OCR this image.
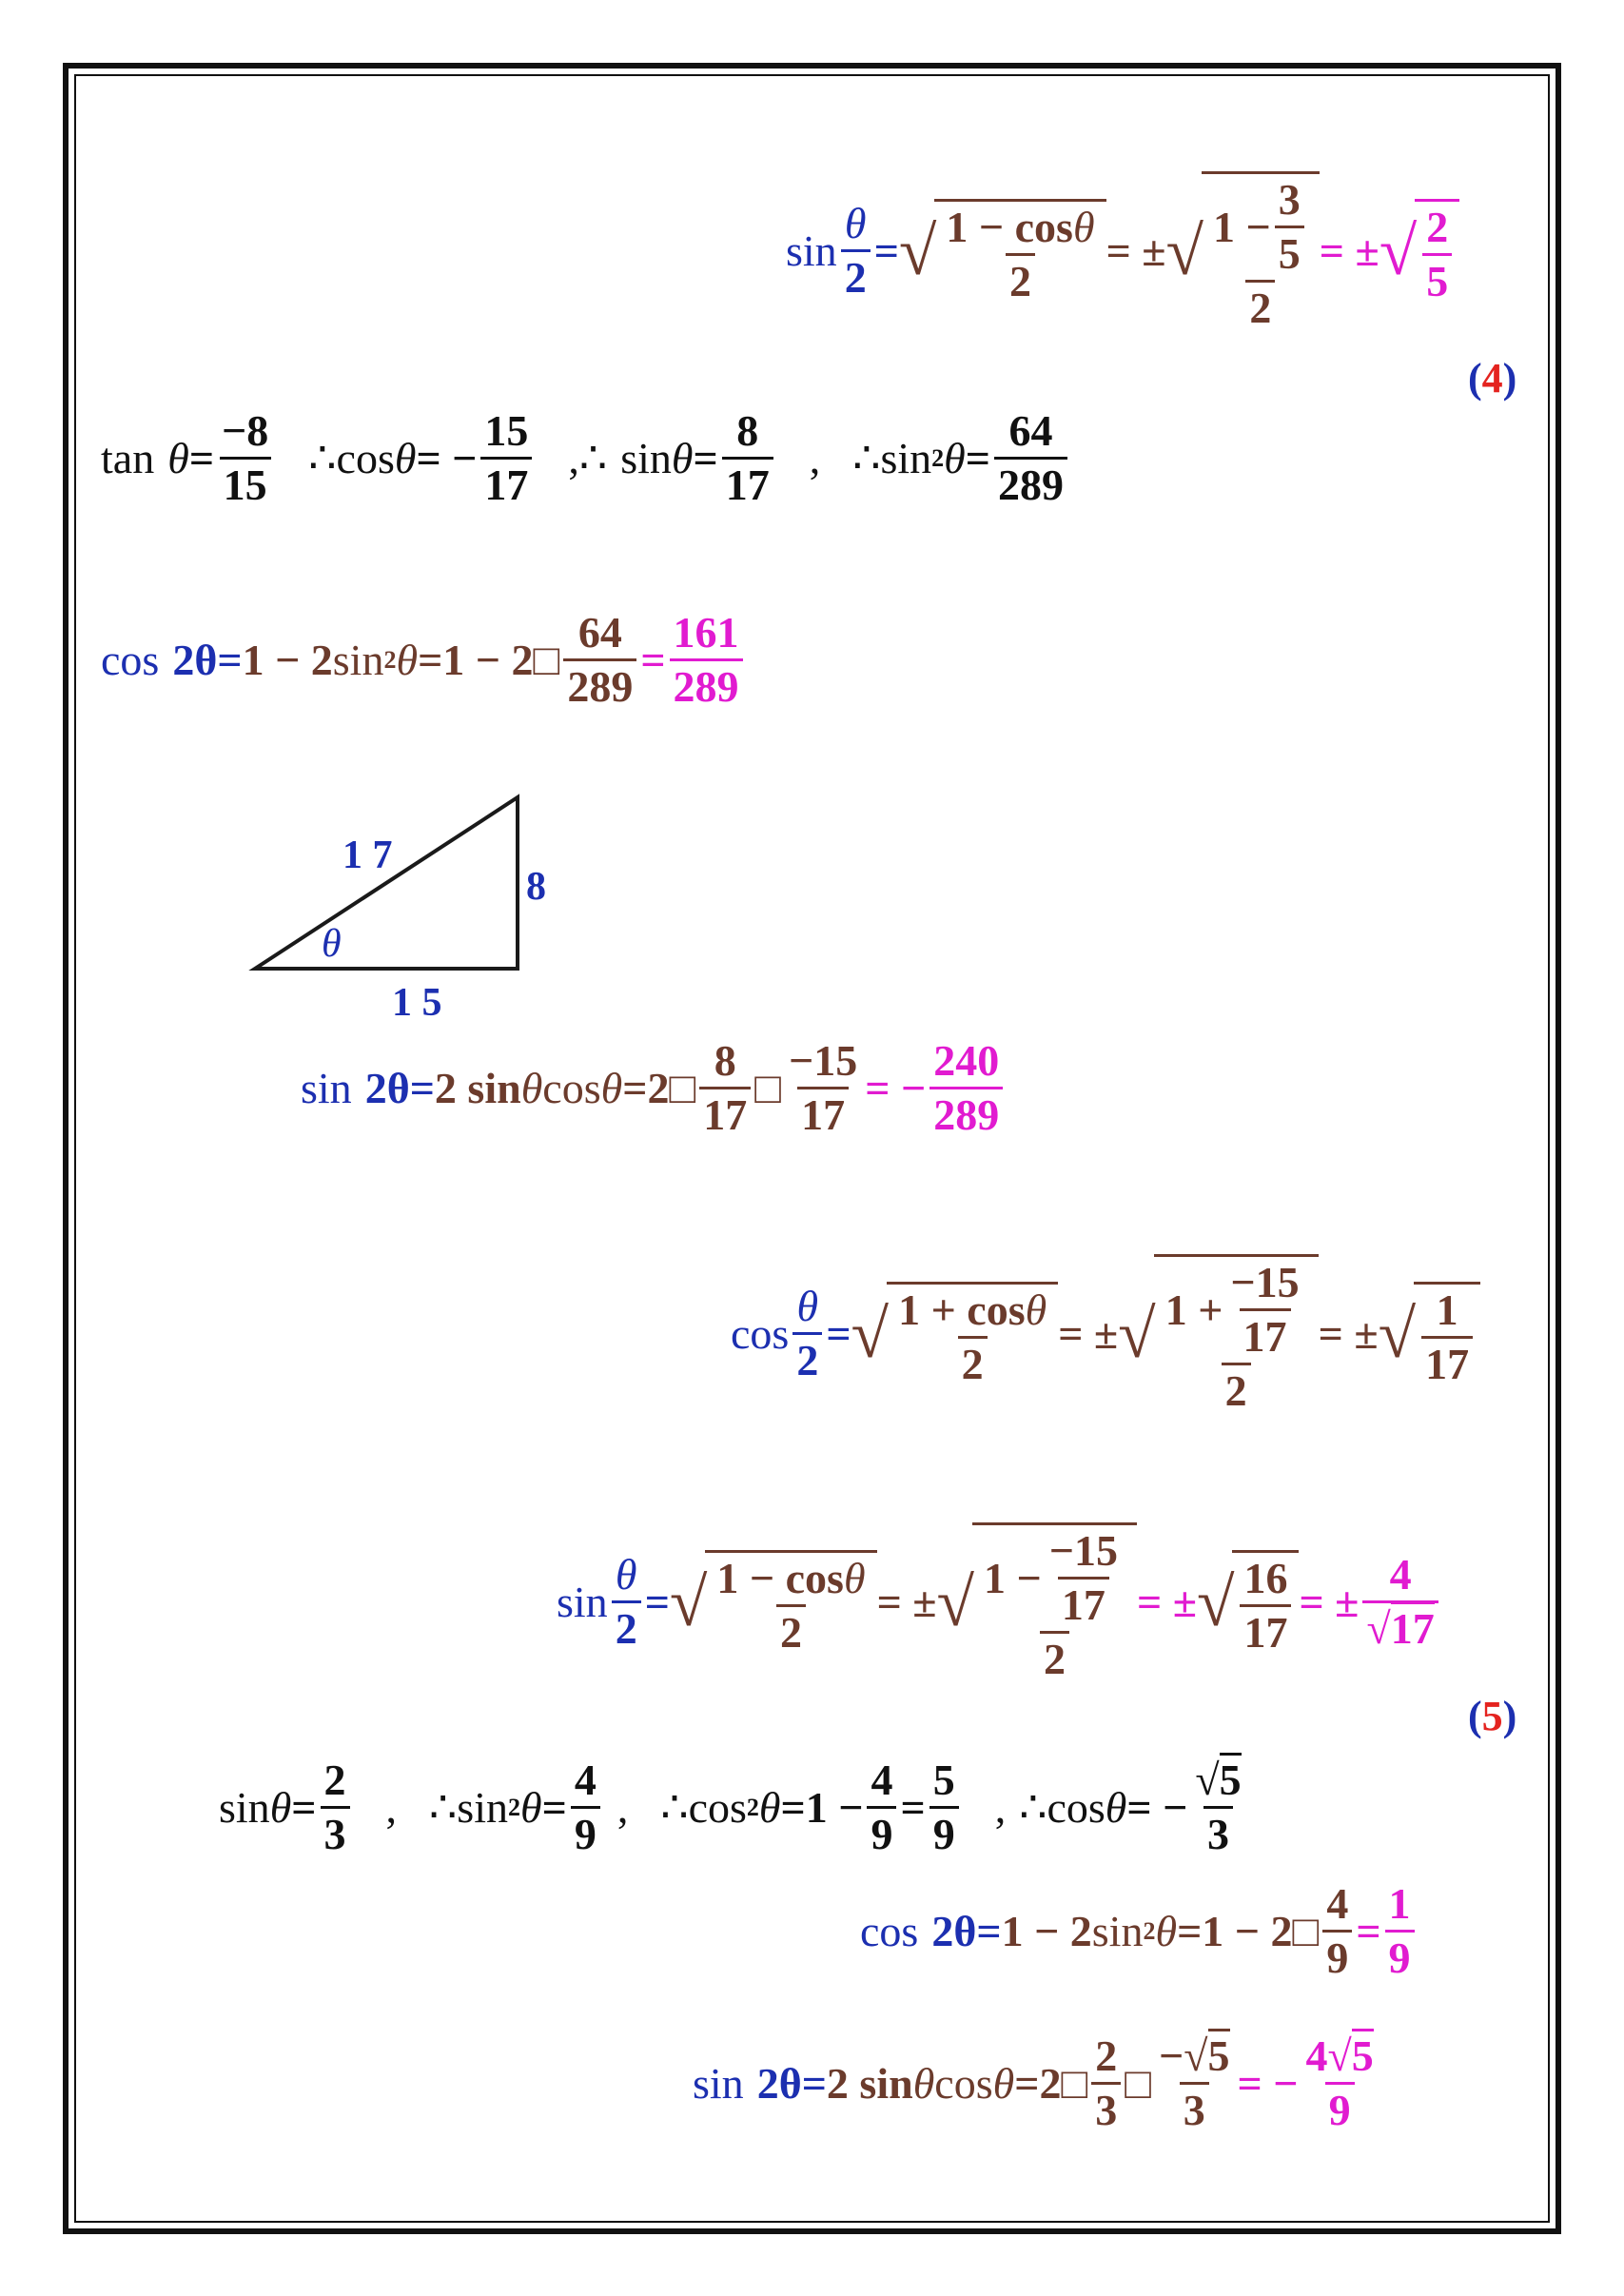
$\sin \frac{\theta}{2}$ = √ $\frac{1 - \cos\theta}{2}$ = ± √ $\frac{1 - \frac{3}{5}}{2}$ = ± √ $\frac{2}{5}$
(4)
$\tan \theta = \frac{-8}{15}$ ∴ cos θ = − $\frac{15}{17}$ , ∴ $\sin \theta = \frac{8}{17}$ , ∴ sin 2 $\theta = \frac{64}{289}$
cos 2θ = 1 − 2 sin 2 θ = 1 − 2 □ $\frac{64}{289} = \frac{161}{289}$
1 7
8
1 5
θ
sin 2θ = 2 sin θ cos θ = 2 □ $\frac{8}{17}$ □ $\frac{-15}{17}$ = − $\frac{240}{289}$
$\cos \frac{\theta}{2}$ = √ $\frac{1 + \cos\theta}{2}$ = ± √ $\frac{1 + \frac{-15}{17}}{2}$ = ± √ $\frac{1}{17}$
$\sin \frac{\theta}{2}$ = √ $\frac{1 - \cos\theta}{2}$ = ± √ $\frac{1 - \frac{-15}{17}}{2}$ = ± √ $\frac{16}{17}$ = ± $\frac{4}{√17}$
(5)
$\sin \theta = \frac{2}{3}$ , ∴ sin 2 $\theta = \frac{4}{9}$ , ∴ cos 2 $\theta = 1 - \frac{4}{9} = \frac{5}{9}$ , ∴ cos θ = − $\frac{√5}{3}$
cos 2θ = 1 − 2 sin 2 θ = 1 − 2 □ $\frac{4}{9} = \frac{1}{9}$
sin 2θ = 2 sin θ cos θ = 2 □ $\frac{2}{3}$ □ $\frac{-√5}{3}$ = − $\frac{4√5}{9}$
